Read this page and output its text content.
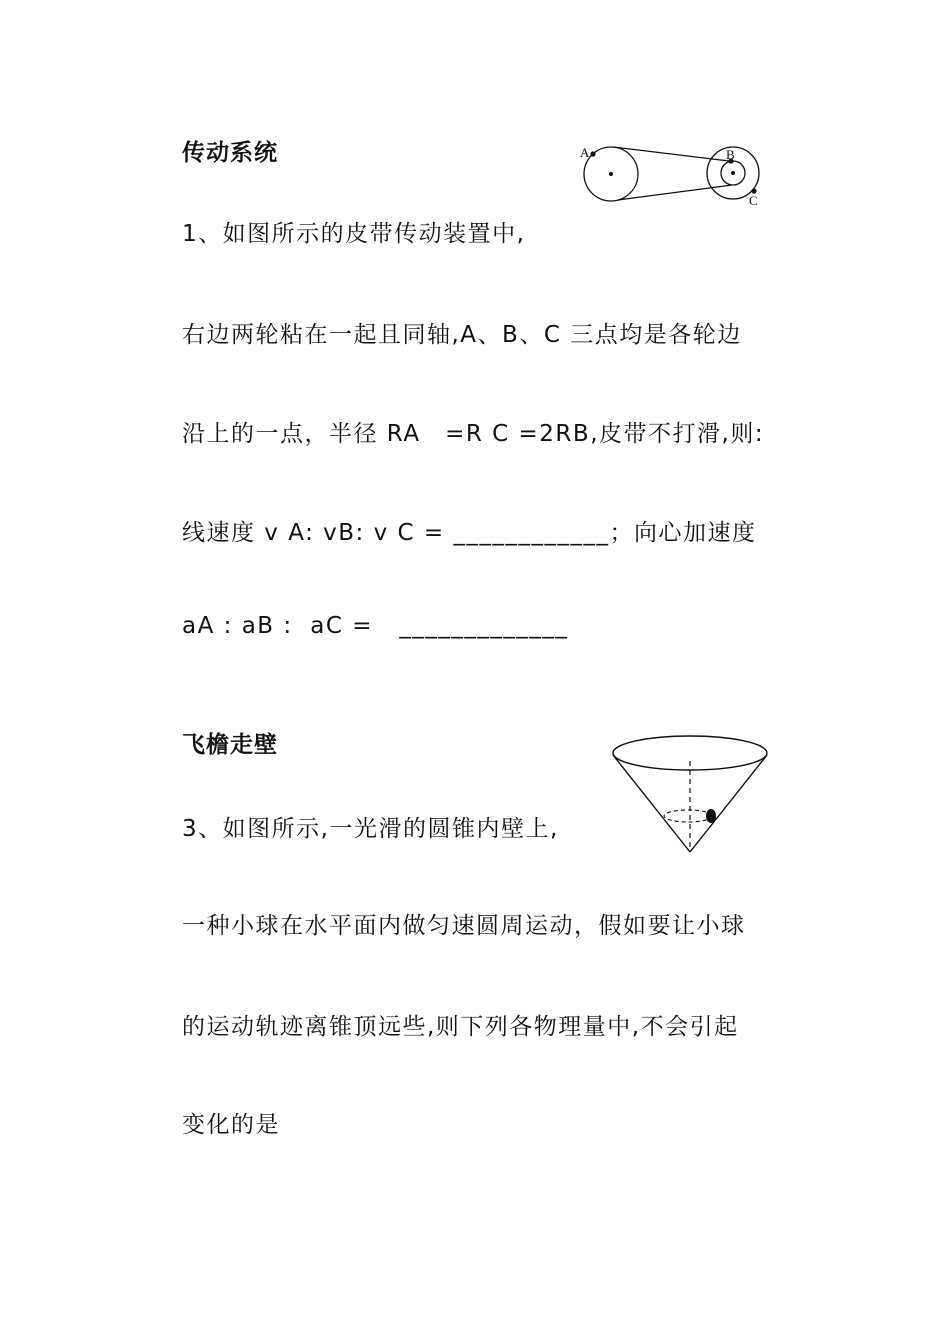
传动系统	A	B
C
1、如图所示的皮带传动装置中,
右边两轮粘在一起且同轴,A、B、C 三点均是各轮边
沿上的一点，半径 RA　=R C =2RB,皮带不打滑,则:
线速度 v A: vB: v C = ____________；向心加速度
aA : aB :  aC =   _____________
飞檐走壁
3、如图所示,一光滑的圆锥内壁上,
一种小球在水平面内做匀速圆周运动，假如要让小球
的运动轨迹离锥顶远些,则下列各物理量中,不会引起
变化的是
